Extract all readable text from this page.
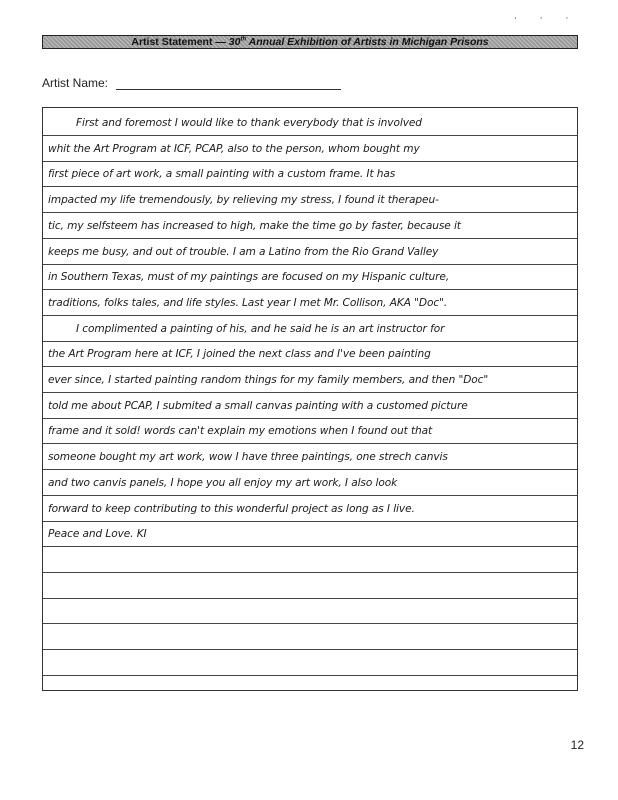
· · ·
Artist Statement — 30th Annual Exhibition of Artists in Michigan Prisons
Artist Name:
First and foremost I would like to thank everybody that is involved
whit the Art Program at ICF, PCAP, also to the person, whom bought my
first piece of art work, a small painting with a custom frame. It has
impacted my life tremendously, by relieving my stress, I found it therapeu-
tic, my selfsteem has increased to high, make the time go by faster, because it
keeps me busy, and out of trouble. I am a Latino from the Rio Grand Valley
in Southern Texas, must of my paintings are focused on my Hispanic culture,
traditions, folks tales, and life styles. Last year I met Mr. Collison, AKA "Doc".
I complimented a painting of his, and he said he is an art instructor for
the Art Program here at ICF, I joined the next class and I've been painting
ever since, I started painting random things for my family members, and then "Doc"
told me about PCAP, I submited a small canvas painting with a customed picture
frame and it sold! words can't explain my emotions when I found out that
someone bought my art work, wow I have three paintings, one strech canvis
and two canvis panels, I hope you all enjoy my art work, I also look
forward to keep contributing to this wonderful project as long as I live.
Peace and Love. KI
12
